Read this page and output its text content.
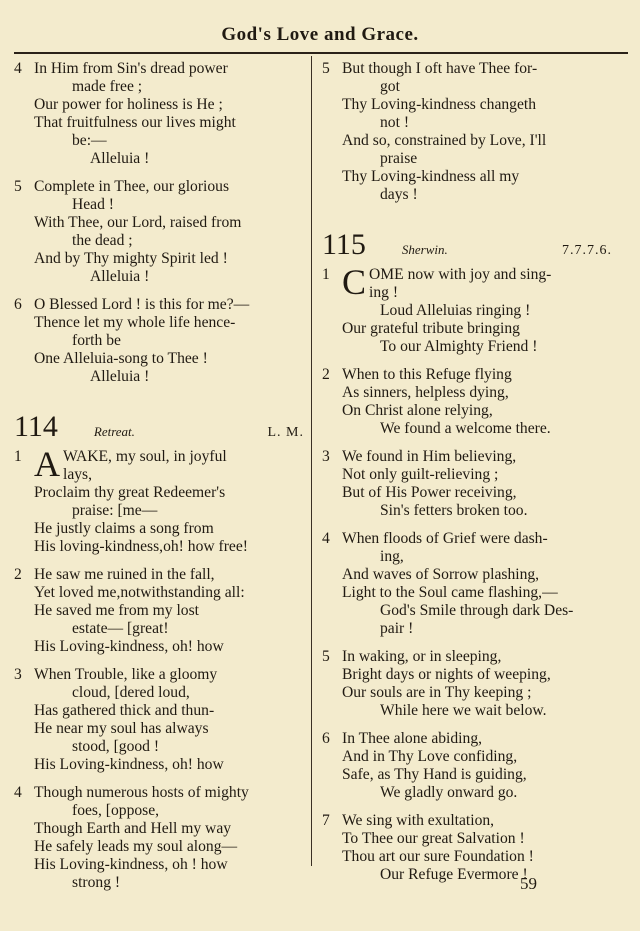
God's Love and Grace.
4 In Him from Sin's dread power
made free ;
Our power for holiness is He ;
That fruitfulness our lives might
be:—
Alleluia !
5 Complete in Thee, our glorious
Head !
With Thee, our Lord, raised from
the dead ;
And by Thy mighty Spirit led !
Alleluia !
6 O Blessed Lord ! is this for me?—
Thence let my whole life hence-
forth be
One Alleluia-song to Thee !
Alleluia !
114	Retreat.	L. M.
1 AWAKE, my soul, in joyful
lays,
Proclaim thy great Redeemer's
praise: [me—
He justly claims a song from
His loving-kindness,oh! how free!
2 He saw me ruined in the fall,
Yet loved me,notwithstanding all:
He saved me from my lost
estate— [great!
His Loving-kindness, oh! how
3 When Trouble, like a gloomy
cloud, [dered loud,
Has gathered thick and thun-
He near my soul has always
stood, [good !
His Loving-kindness, oh! how
4 Though numerous hosts of mighty
foes, [oppose,
Though Earth and Hell my way
He safely leads my soul along—
His Loving-kindness, oh ! how
strong !
5 But though I oft have Thee for-
got
Thy Loving-kindness changeth
not !
And so, constrained by Love, I'll
praise
Thy Loving-kindness all my
days !
115	Sherwin.	7.7.7.6.
1 COME now with joy and sing-
ing !
Loud Alleluias ringing !
Our grateful tribute bringing
To our Almighty Friend !
2 When to this Refuge flying
As sinners, helpless dying,
On Christ alone relying,
We found a welcome there.
3 We found in Him believing,
Not only guilt-relieving ;
But of His Power receiving,
Sin's fetters broken too.
4 When floods of Grief were dash-
ing,
And waves of Sorrow plashing,
Light to the Soul came flashing,—
God's Smile through dark Des-
pair !
5 In waking, or in sleeping,
Bright days or nights of weeping,
Our souls are in Thy keeping ;
While here we wait below.
6 In Thee alone abiding,
And in Thy Love confiding,
Safe, as Thy Hand is guiding,
We gladly onward go.
7 We sing with exultation,
To Thee our great Salvation !
Thou art our sure Foundation !
Our Refuge Evermore !
59
